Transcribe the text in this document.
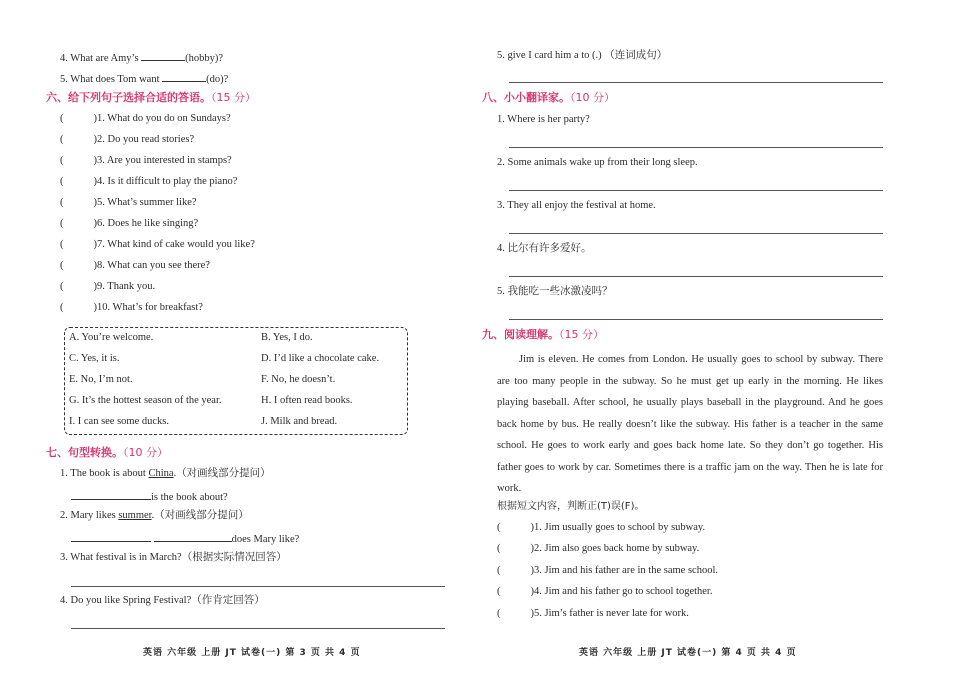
4. What are Amy’s	(hobby)?
5. What does Tom want	(do)?
六、给下列句子选择合适的答语。（15 分）
(	)1. What do you do on Sundays?
(	)2. Do you read stories?
(	)3. Are you interested in stamps?
(	)4. Is it difficult to play the piano?
(	)5. What’s summer like?
(	)6. Does he like singing?
(	)7. What kind of cake would you like?
(	)8. What can you see there?
(	)9. Thank you.
(	)10. What’s for breakfast?
A. You’re welcome.	B. Yes, I do.
C. Yes, it is.	D. I’d like a chocolate cake.
E. No, I’m not.	F. No, he doesn’t.
G. It’s the hottest season of the year.	H. I often read books.
I. I can see some ducks.	J. Milk and bread.
七、句型转换。（10 分）
1. The book is about China.（对画线部分提问）
is the book about?
2. Mary likes summer.（对画线部分提问）
does Mary like?
3. What festival is in March?（根据实际情况回答）
4. Do you like Spring Festival?（作肯定回答）
英语 六年级 上册 JT 试卷(一) 第 3 页 共 4 页
5. give I card him a to (.) （连词成句）
八、小小翻译家。（10 分）
1. Where is her party?
2. Some animals wake up from their long sleep.
3. They all enjoy the festival at home.
4. 比尔有许多爱好。
5. 我能吃一些冰激凌吗？
九、阅读理解。（15 分）
Jim is eleven. He comes from London. He usually goes to school by subway. There are too many people in the subway. So he must get up early in the morning. He likes playing baseball. After school, he usually plays baseball in the playground. And he goes back home by bus. He really doesn’t like the subway. His father is a teacher in the same school. He goes to work early and goes back home late. So they don’t go together. His father goes to work by car. Sometimes there is a traffic jam on the way. Then he is late for work.
根据短文内容，判断正(T)误(F)。
(	)1. Jim usually goes to school by subway.
(	)2. Jim also goes back home by subway.
(	)3. Jim and his father are in the same school.
(	)4. Jim and his father go to school together.
(	)5. Jim’s father is never late for work.
英语 六年级 上册 JT 试卷(一) 第 4 页 共 4 页
